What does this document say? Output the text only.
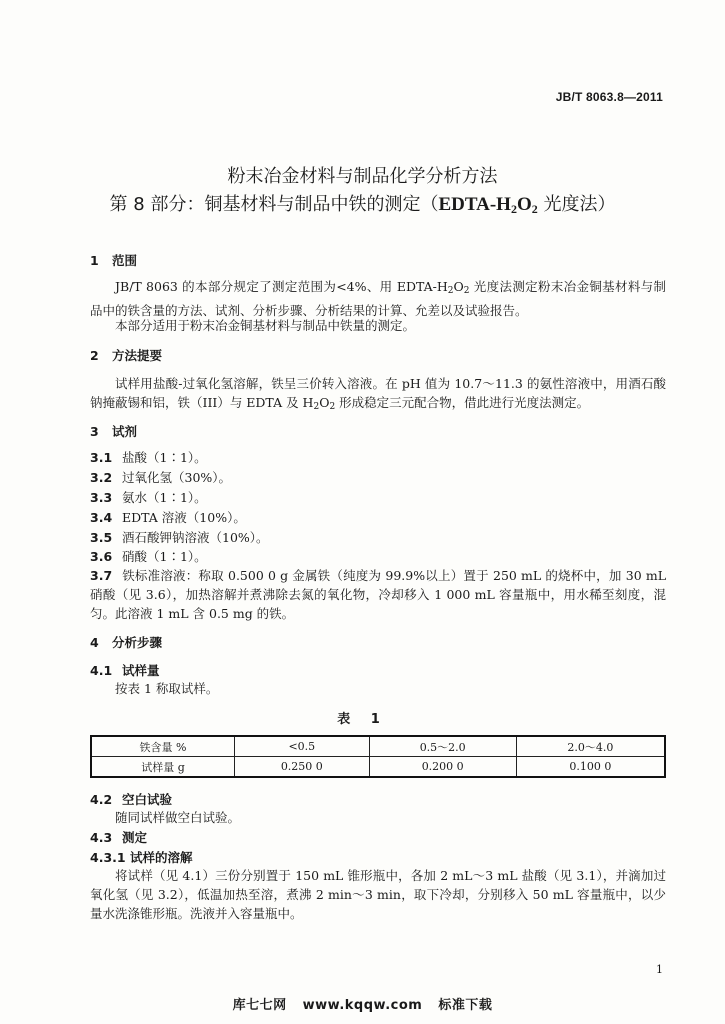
JB/T 8063.8—2011
粉末冶金材料与制品化学分析方法
第 8 部分：铜基材料与制品中铁的测定（$EDTA-H_2O_2$ 光度法）
1 范围
JB/T 8063 的本部分规定了测定范围为<4%、用 EDTA-$H_2O_2$ 光度法测定粉末冶金铜基材料与制品中的铁含量的方法、试剂、分析步骤、分析结果的计算、允差以及试验报告。
本部分适用于粉末冶金铜基材料与制品中铁量的测定。
2 方法提要
试样用盐酸-过氧化氢溶解，铁呈三价转入溶液。在 pH 值为 10.7～11.3 的氨性溶液中，用酒石酸钠掩蔽锡和铝，铁（III）与 EDTA 及 $H_2O_2$ 形成稳定三元配合物，借此进行光度法测定。
3 试剂
3.1 盐酸（1∶1）。
3.2 过氧化氢（30%）。
3.3 氨水（1∶1）。
3.4 EDTA 溶液（10%）。
3.5 酒石酸钾钠溶液（10%）。
3.6 硝酸（1∶1）。
3.7 铁标准溶液：称取 0.500 0 g 金属铁（纯度为 99.9%以上）置于 250 mL 的烧杯中，加 30 mL 硝酸（见 3.6），加热溶解并煮沸除去氮的氧化物，冷却移入 1 000 mL 容量瓶中，用水稀至刻度，混匀。此溶液 1 mL 含 0.5 mg 的铁。
4 分析步骤
4.1 试样量
按表 1 称取试样。
表 1
铁含量 %	<0.5	0.5～2.0	2.0～4.0
试样量 g	0.250 0	0.200 0	0.100 0
4.2 空白试验
随同试样做空白试验。
4.3 测定
4.3.1 试样的溶解
将试样（见 4.1）三份分别置于 150 mL 锥形瓶中，各加 2 mL～3 mL 盐酸（见 3.1），并滴加过氧化氢（见 3.2），低温加热至溶，煮沸 2 min～3 min，取下冷却，分别移入 50 mL 容量瓶中，以少量水洗涤锥形瓶。洗液并入容量瓶中。
1
库七七网 www.kqqw.com 标准下载
